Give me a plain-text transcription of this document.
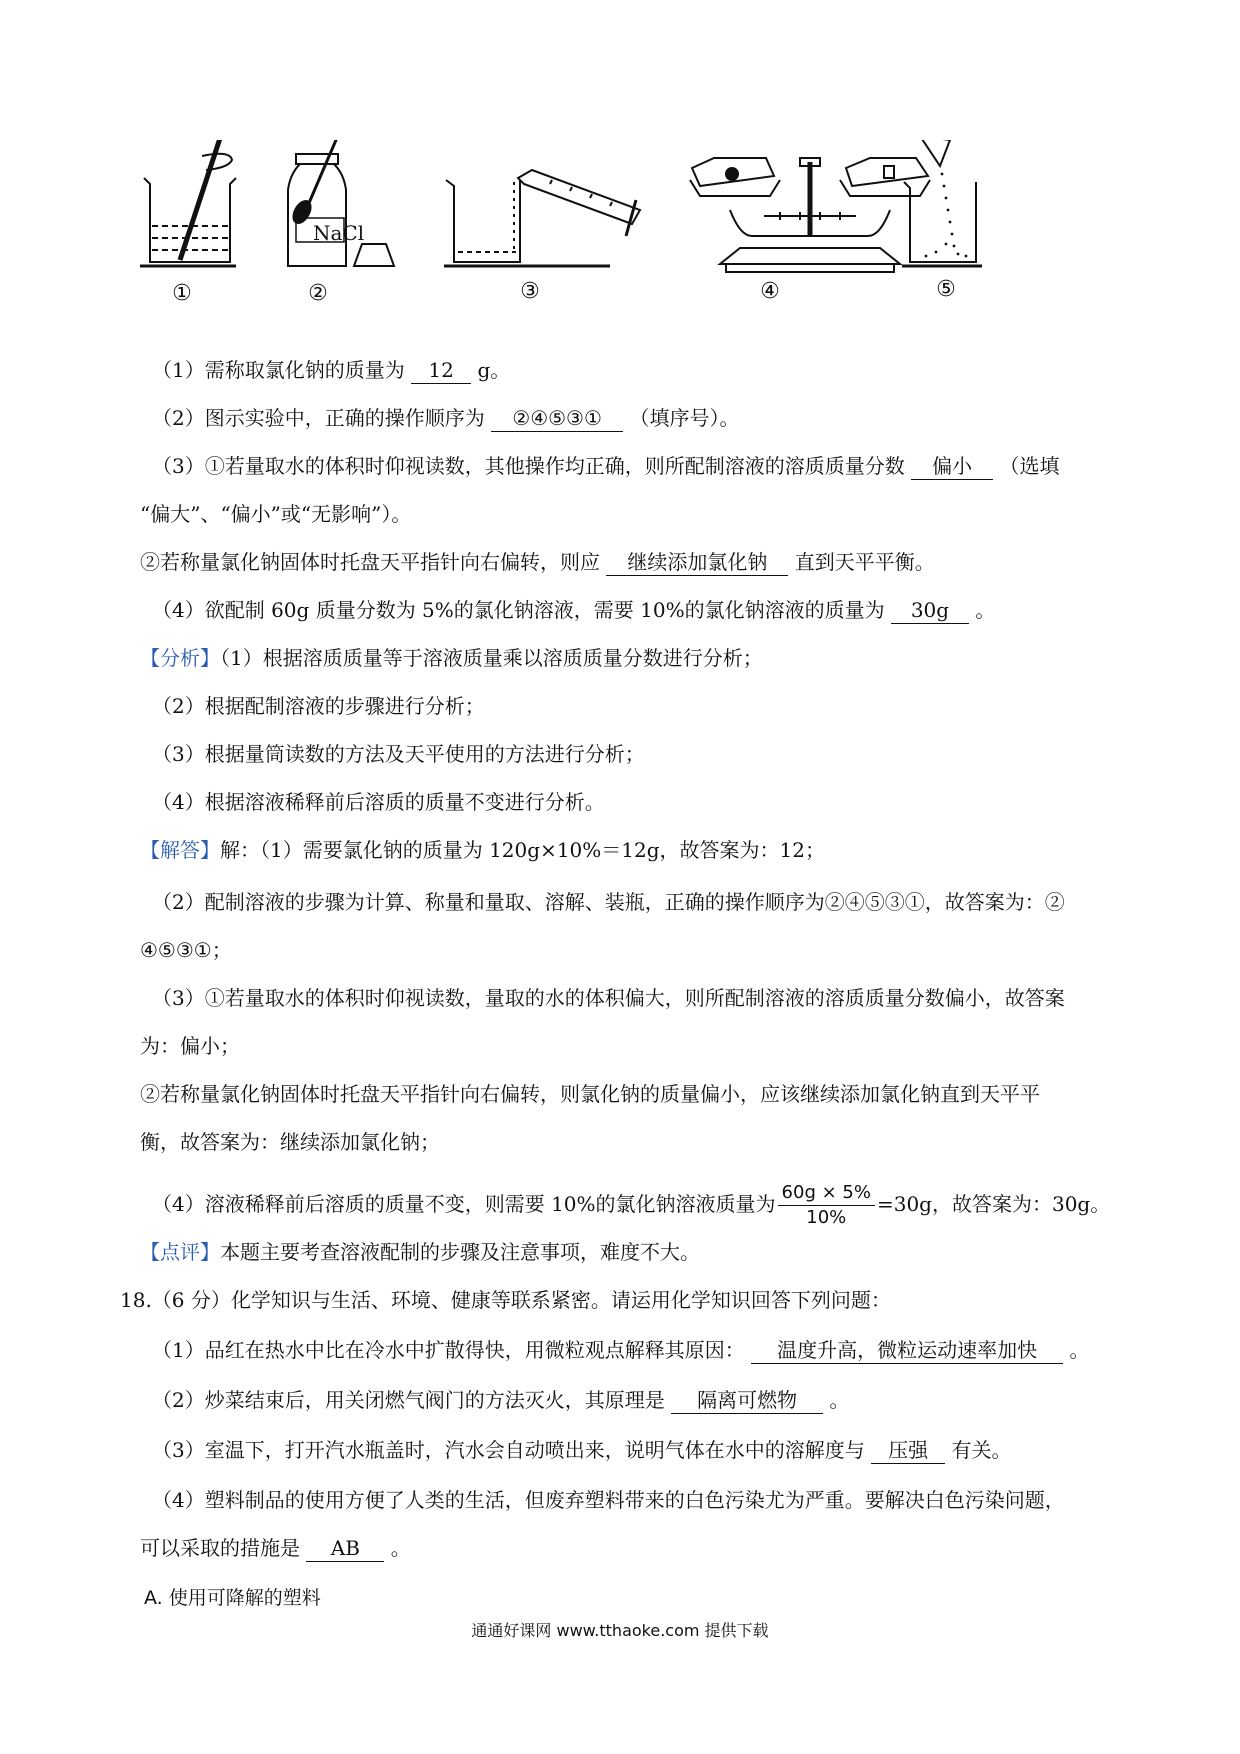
NaCl
①	②	③	④	⑤
（1）需称取氯化钠的质量为 12 g。
（2）图示实验中，正确的操作顺序为 ②④⑤③① （填序号）。
（3）①若量取水的体积时仰视读数，其他操作均正确，则所配制溶液的溶质质量分数 偏小 （选填
“偏大”、“偏小”或“无影响”）。
②若称量氯化钠固体时托盘天平指针向右偏转，则应 继续添加氯化钠 直到天平平衡。
（4）欲配制 60g 质量分数为 5%的氯化钠溶液，需要 10%的氯化钠溶液的质量为 30g 。
【分析】（1）根据溶质质量等于溶液质量乘以溶质质量分数进行分析；
（2）根据配制溶液的步骤进行分析；
（3）根据量筒读数的方法及天平使用的方法进行分析；
（4）根据溶液稀释前后溶质的质量不变进行分析。
【解答】解：（1）需要氯化钠的质量为 120g×10%＝12g，故答案为：12；
（2）配制溶液的步骤为计算、称量和量取、溶解、装瓶，正确的操作顺序为②④⑤③①，故答案为：②
④⑤③①；
（3）①若量取水的体积时仰视读数，量取的水的体积偏大，则所配制溶液的溶质质量分数偏小，故答案
为：偏小；
②若称量氯化钠固体时托盘天平指针向右偏转，则氯化钠的质量偏小，应该继续添加氯化钠直到天平平
衡，故答案为：继续添加氯化钠；
（4）溶液稀释前后溶质的质量不变，则需要 10%的氯化钠溶液质量为 $\frac{60g \times 5\%}{10\%} =30g$，故答案为：30g。
【点评】本题主要考查溶液配制的步骤及注意事项，难度不大。
18.（6 分）化学知识与生活、环境、健康等联系紧密。请运用化学知识回答下列问题：
（1）品红在热水中比在冷水中扩散得快，用微粒观点解释其原因： 温度升高，微粒运动速率加快 。
（2）炒菜结束后，用关闭燃气阀门的方法灭火，其原理是 隔离可燃物 。
（3）室温下，打开汽水瓶盖时，汽水会自动喷出来，说明气体在水中的溶解度与 压强 有关。
（4）塑料制品的使用方便了人类的生活，但废弃塑料带来的白色污染尤为严重。要解决白色污染问题，
可以采取的措施是 AB 。
A. 使用可降解的塑料
通通好课网 www.tthaoke.com 提供下载
